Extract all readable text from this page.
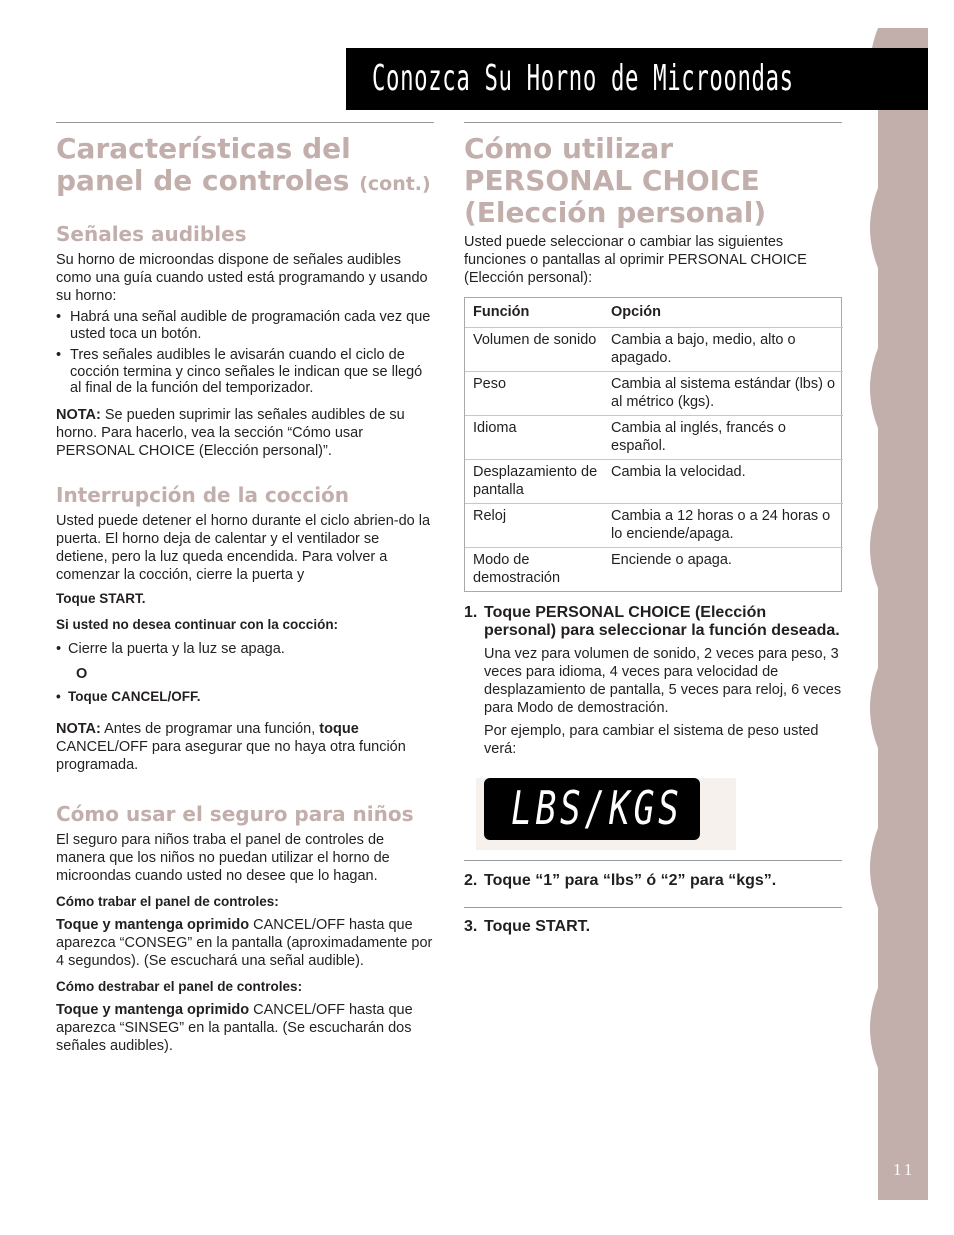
Conozca Su Horno de Microondas
11
Características del panel de controles (cont.)
Señales audibles

Su horno de microondas dispone de señales audibles como una guía cuando usted está programando y usando su horno:

• Habrá una señal audible de programación cada vez que usted toca un botón.
• Tres señales audibles le avisarán cuando el ciclo de cocción termina y cinco señales le indican que se llegó al final de la función del temporizador.

NOTA: Se pueden suprimir las señales audibles de su horno. Para hacerlo, vea la sección “Cómo usar PERSONAL CHOICE (Elección personal)”.

Interrupción de la cocción

Usted puede detener el horno durante el ciclo abrien-do la puerta. El horno deja de calentar y el ventilador se detiene, pero la luz queda encendida. Para volver a comenzar la cocción, cierre la puerta y

Toque START.

Si usted no desea continuar con la cocción:

• Cierre la puerta y la luz se apaga.

O

• Toque CANCEL/OFF.

NOTA: Antes de programar una función, toque CANCEL/OFF para asegurar que no haya otra función programada.

Cómo usar el seguro para niños

El seguro para niños traba el panel de controles de manera que los niños no puedan utilizar el horno de microondas cuando usted no desee que lo hagan.

Cómo trabar el panel de controles:

Toque y mantenga oprimido CANCEL/OFF hasta que aparezca “CONSEG” en la pantalla (aproximadamente por 4 segundos). (Se escuchará una señal audible).

Cómo destrabar el panel de controles:

Toque y mantenga oprimido CANCEL/OFF hasta que aparezca “SINSEG” en la pantalla. (Se escucharán dos señales audibles).

Cómo utilizar PERSONAL CHOICE (Elección personal)

Usted puede seleccionar o cambiar las siguientes funciones o pantallas al oprimir PERSONAL CHOICE (Elección personal):

Función	Opción
Volumen de sonido	Cambia a bajo, medio, alto o apagado.
Peso	Cambia al sistema estándar (lbs) o al métrico (kgs).
Idioma	Cambia al inglés, francés o español.
Desplazamiento de pantalla	Cambia la velocidad.
Reloj	Cambia a 12 horas o a 24 horas o lo enciende/apaga.
Modo de demostración	Enciende o apaga.
1. Toque PERSONAL CHOICE (Elección personal) para seleccionar la función deseada.

Una vez para volumen de sonido, 2 veces para peso, 3 veces para idioma, 4 veces para velocidad de desplazamiento de pantalla, 5 veces para reloj, 6 veces para Modo de demostración.

Por ejemplo, para cambiar el sistema de peso usted verá:

LBS/KGS
2. Toque “1” para “lbs” ó “2” para “kgs”.
3. Toque START.
